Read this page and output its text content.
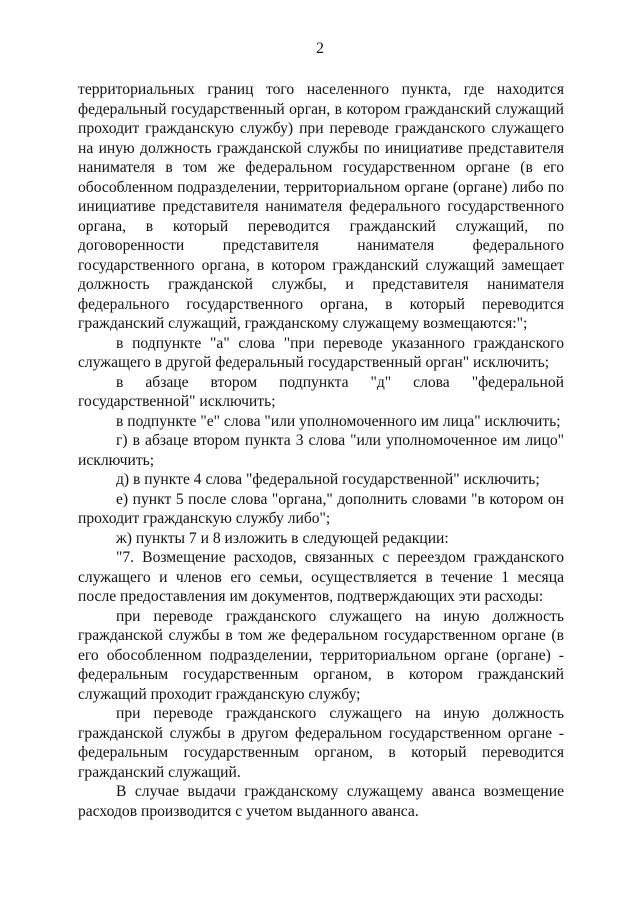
2

территориальных границ того населенного пункта, где находится федеральный государственный орган, в котором гражданский служащий проходит гражданскую службу) при переводе гражданского служащего на иную должность гражданской службы по инициативе представителя нанимателя в том же федеральном государственном органе (в его обособленном подразделении, территориальном органе (органе) либо по инициативе представителя нанимателя федерального государственного органа, в который переводится гражданский служащий, по договоренности представителя нанимателя федерального государственного органа, в котором гражданский служащий замещает должность гражданской службы, и представителя нанимателя федерального государственного органа, в который переводится гражданский служащий, гражданскому служащему возмещаются:";

в подпункте "а" слова "при переводе указанного гражданского служащего в другой федеральный государственный орган" исключить;

в абзаце втором подпункта "д" слова "федеральной государственной" исключить;

в подпункте "е" слова "или уполномоченного им лица" исключить;

г) в абзаце втором пункта 3 слова "или уполномоченное им лицо" исключить;

д) в пункте 4 слова "федеральной государственной" исключить;

е) пункт 5 после слова "органа," дополнить словами "в котором он проходит гражданскую службу либо";

ж) пункты 7 и 8 изложить в следующей редакции:

"7. Возмещение расходов, связанных с переездом гражданского служащего и членов его семьи, осуществляется в течение 1 месяца после предоставления им документов, подтверждающих эти расходы:

при переводе гражданского служащего на иную должность гражданской службы в том же федеральном государственном органе (в его обособленном подразделении, территориальном органе (органе) - федеральным государственным органом, в котором гражданский служащий проходит гражданскую службу;

при переводе гражданского служащего на иную должность гражданской службы в другом федеральном государственном органе - федеральным государственным органом, в который переводится гражданский служащий.

В случае выдачи гражданскому служащему аванса возмещение расходов производится с учетом выданного аванса.
